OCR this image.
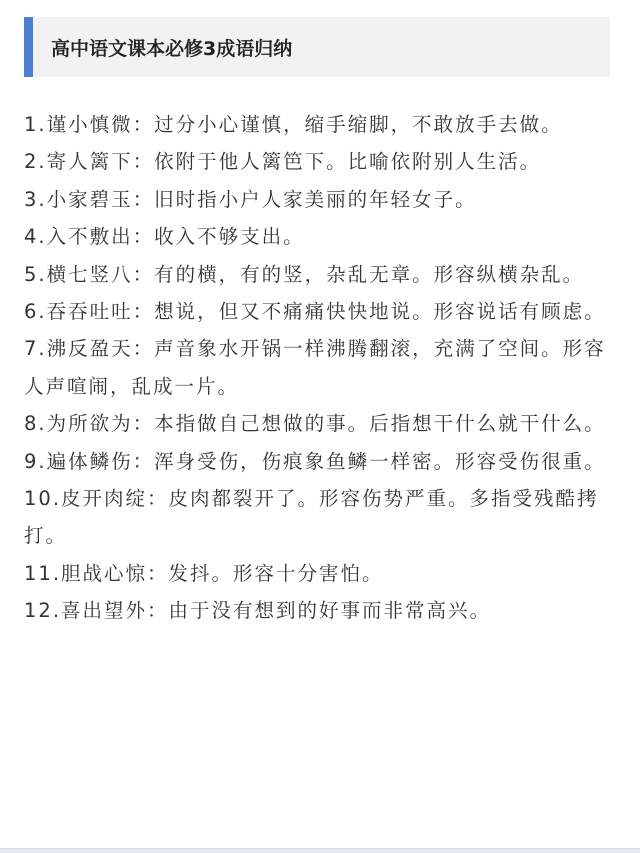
高中语文课本必修3成语归纳
1.谨小慎微：过分小心谨慎，缩手缩脚，不敢放手去做。
2.寄人篱下：依附于他人篱笆下。比喻依附别人生活。
3.小家碧玉：旧时指小户人家美丽的年轻女子。
4.入不敷出：收入不够支出。
5.横七竖八：有的横，有的竖，杂乱无章。形容纵横杂乱。
6.吞吞吐吐：想说，但又不痛痛快快地说。形容说话有顾虑。
7.沸反盈天：声音象水开锅一样沸腾翻滚，充满了空间。形容人声喧闹，乱成一片。
8.为所欲为：本指做自己想做的事。后指想干什么就干什么。
9.遍体鳞伤：浑身受伤，伤痕象鱼鳞一样密。形容受伤很重。
10.皮开肉绽：皮肉都裂开了。形容伤势严重。多指受残酷拷打。
11.胆战心惊：发抖。形容十分害怕。
12.喜出望外：由于没有想到的好事而非常高兴。
